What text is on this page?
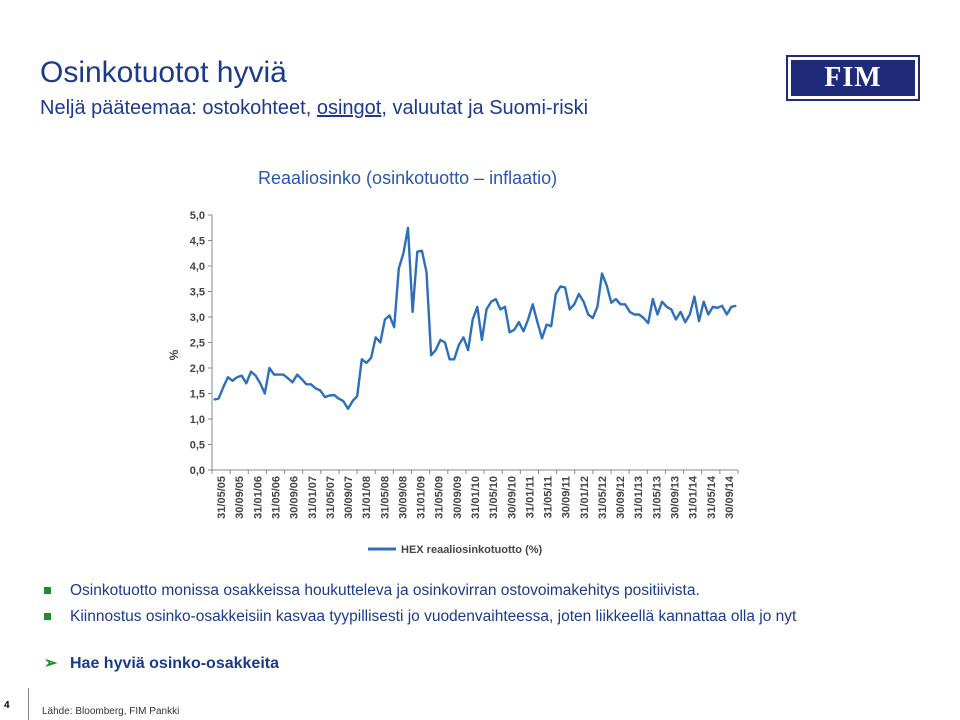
Osinkotuotot hyviä
Neljä pääteemaa: ostokohteet, osingot, valuutat ja Suomi-riski
FIM
Reaaliosinko (osinkotuotto – inflaatio)
5,0
4,5
4,0
3,5
3,0
2,5
2,0
1,5
1,0
0,5
0,0
%
31/05/05 30/09/05 31/01/06 31/05/06 30/09/06 31/01/07 31/05/07 30/09/07 31/01/08 31/05/08 30/09/08 31/01/09 31/05/09 30/09/09 31/01/10 31/05/10 30/09/10 31/01/11 31/05/11 30/09/11 31/01/12 31/05/12 30/09/12 31/01/13 31/05/13 30/09/13 31/01/14 31/05/14 30/09/14
HEX reaaliosinkotuotto (%)
Osinkotuotto monissa osakkeissa houkutteleva ja osinkovirran ostovoimakehitys positiivista.
Kiinnostus osinko-osakkeisiin kasvaa tyypillisesti jo vuodenvaihteessa, joten liikkeellä kannattaa olla jo nyt
➢ Hae hyviä osinko-osakkeita
4
Lähde: Bloomberg, FIM Pankki
